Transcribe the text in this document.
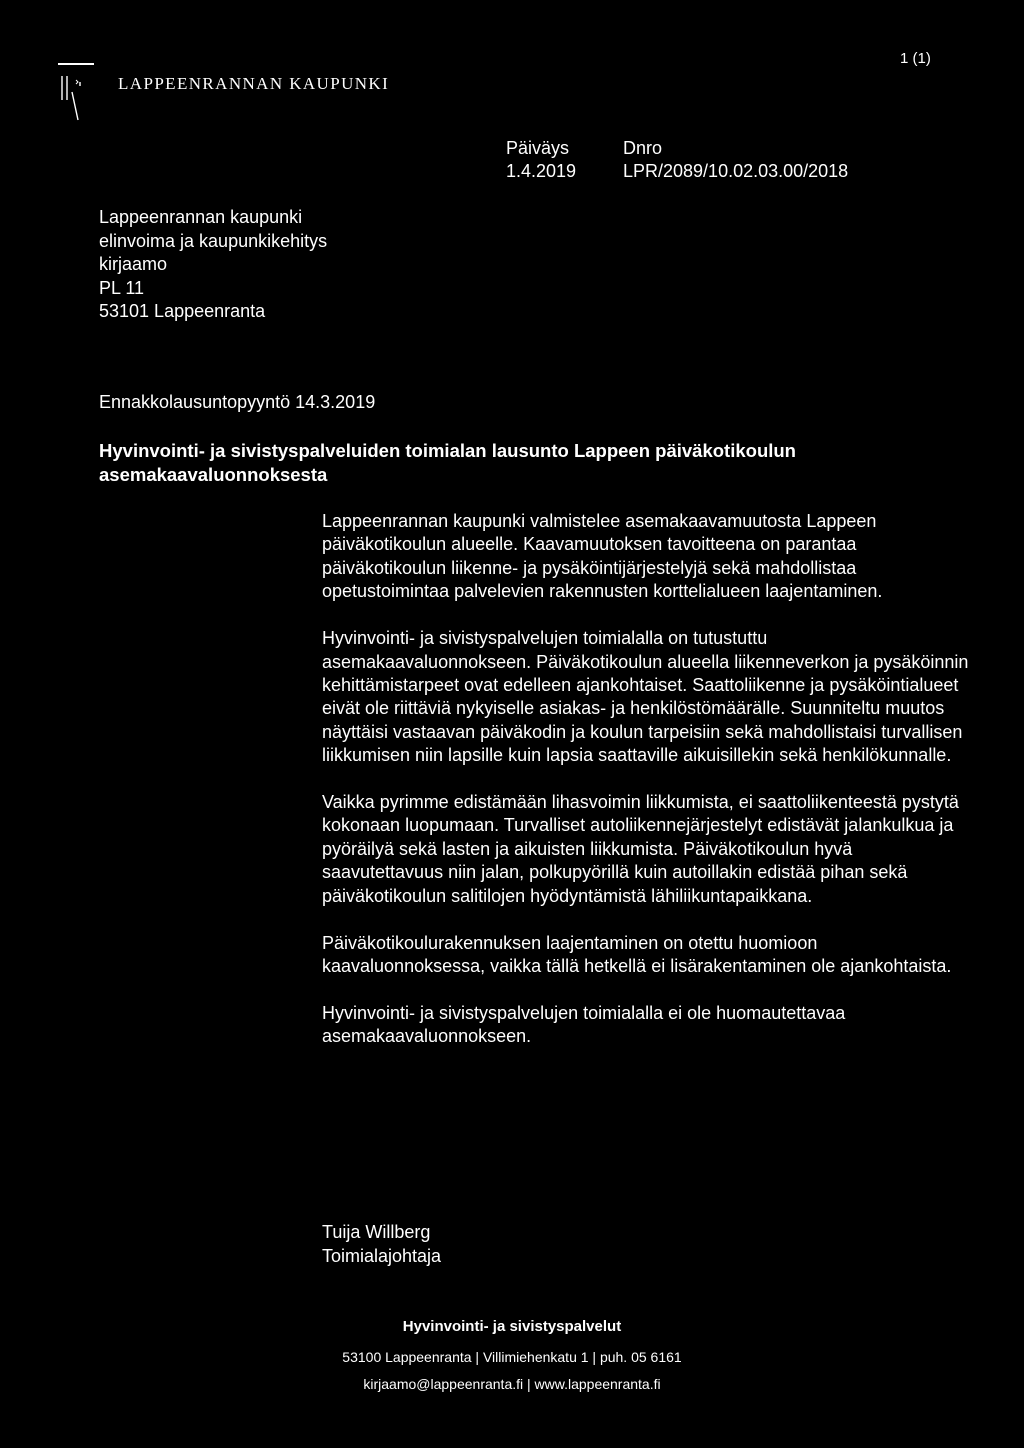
LAPPEENRANNAN KAUPUNKI
1 (1)
Päiväys
1.4.2019
Dnro
LPR/2089/10.02.03.00/2018
Lappeenrannan kaupunki
elinvoima ja kaupunkikehitys
kirjaamo
PL 11
53101 Lappeenranta
Ennakkolausuntopyyntö 14.3.2019
Hyvinvointi- ja sivistyspalveluiden toimialan lausunto Lappeen päiväkotikoulun asemakaavaluonnoksesta

Lappeenrannan kaupunki valmistelee asemakaavamuutosta Lappeen päiväkotikoulun alueelle. Kaavamuutoksen tavoitteena on parantaa päiväkotikoulun liikenne- ja pysäköintijärjestelyjä sekä mahdollistaa opetustoimintaa palvelevien rakennusten korttelialueen laajentaminen.

Hyvinvointi- ja sivistyspalvelujen toimialalla on tutustuttu asemakaavaluonnokseen. Päiväkotikoulun alueella liikenneverkon ja pysäköinnin kehittämistarpeet ovat edelleen ajankohtaiset. Saattoliikenne ja pysäköintialueet eivät ole riittäviä nykyiselle asiakas- ja henkilöstömäärälle. Suunniteltu muutos näyttäisi vastaavan päiväkodin ja koulun tarpeisiin sekä mahdollistaisi turvallisen liikkumisen niin lapsille kuin lapsia saattaville aikuisillekin sekä henkilökunnalle.

Vaikka pyrimme edistämään lihasvoimin liikkumista, ei saattoliikenteestä pystytä kokonaan luopumaan. Turvalliset autoliikennejärjestelyt edistävät jalankulkua ja pyöräilyä sekä lasten ja aikuisten liikkumista. Päiväkotikoulun hyvä saavutettavuus niin jalan, polkupyörillä kuin autoillakin edistää pihan sekä päiväkotikoulun salitilojen hyödyntämistä lähiliikuntapaikkana.

Päiväkotikoulurakennuksen laajentaminen on otettu huomioon kaavaluonnoksessa, vaikka tällä hetkellä ei lisärakentaminen ole ajankohtaista.

Hyvinvointi- ja sivistyspalvelujen toimialalla ei ole huomautettavaa asemakaavaluonnokseen.

Tuija Willberg
Toimialajohtaja
Hyvinvointi- ja sivistyspalvelut
53100 Lappeenranta | Villimiehenkatu 1 | puh. 05 6161
kirjaamo@lappeenranta.fi | www.lappeenranta.fi
